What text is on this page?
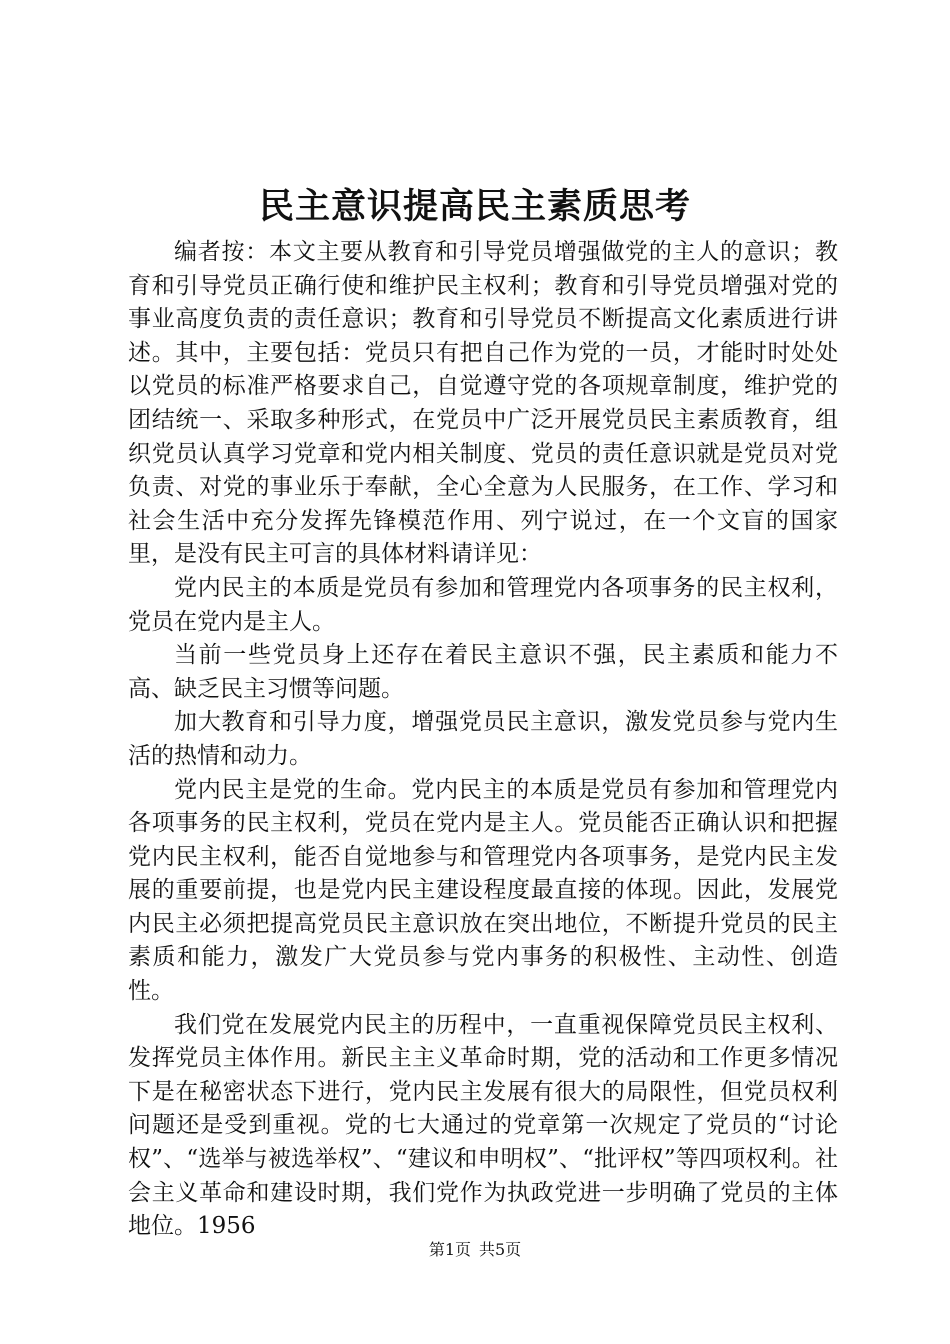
民主意识提高民主素质思考

编者按：本文主要从教育和引导党员增强做党的主人的意识；教育和引导党员正确行使和维护民主权利；教育和引导党员增强对党的事业高度负责的责任意识；教育和引导党员不断提高文化素质进行讲述。其中，主要包括：党员只有把自己作为党的一员，才能时时处处以党员的标准严格要求自己，自觉遵守党的各项规章制度，维护党的团结统一、采取多种形式，在党员中广泛开展党员民主素质教育，组织党员认真学习党章和党内相关制度、党员的责任意识就是党员对党负责、对党的事业乐于奉献，全心全意为人民服务，在工作、学习和社会生活中充分发挥先锋模范作用、列宁说过，在一个文盲的国家里，是没有民主可言的具体材料请详见：

党内民主的本质是党员有参加和管理党内各项事务的民主权利，党员在党内是主人。

当前一些党员身上还存在着民主意识不强，民主素质和能力不高、缺乏民主习惯等问题。

加大教育和引导力度，增强党员民主意识，激发党员参与党内生活的热情和动力。

党内民主是党的生命。党内民主的本质是党员有参加和管理党内各项事务的民主权利，党员在党内是主人。党员能否正确认识和把握党内民主权利，能否自觉地参与和管理党内各项事务，是党内民主发展的重要前提，也是党内民主建设程度最直接的体现。因此，发展党内民主必须把提高党员民主意识放在突出地位，不断提升党员的民主素质和能力，激发广大党员参与党内事务的积极性、主动性、创造性。

我们党在发展党内民主的历程中，一直重视保障党员民主权利、发挥党员主体作用。新民主主义革命时期，党的活动和工作更多情况下是在秘密状态下进行，党内民主发展有很大的局限性，但党员权利问题还是受到重视。党的七大通过的党章第一次规定了党员的“讨论权”、“选举与被选举权”、“建议和申明权”、“批评权”等四项权利。社会主义革命和建设时期，我们党作为执政党进一步明确了党员的主体地位。1956

第1页 共5页
